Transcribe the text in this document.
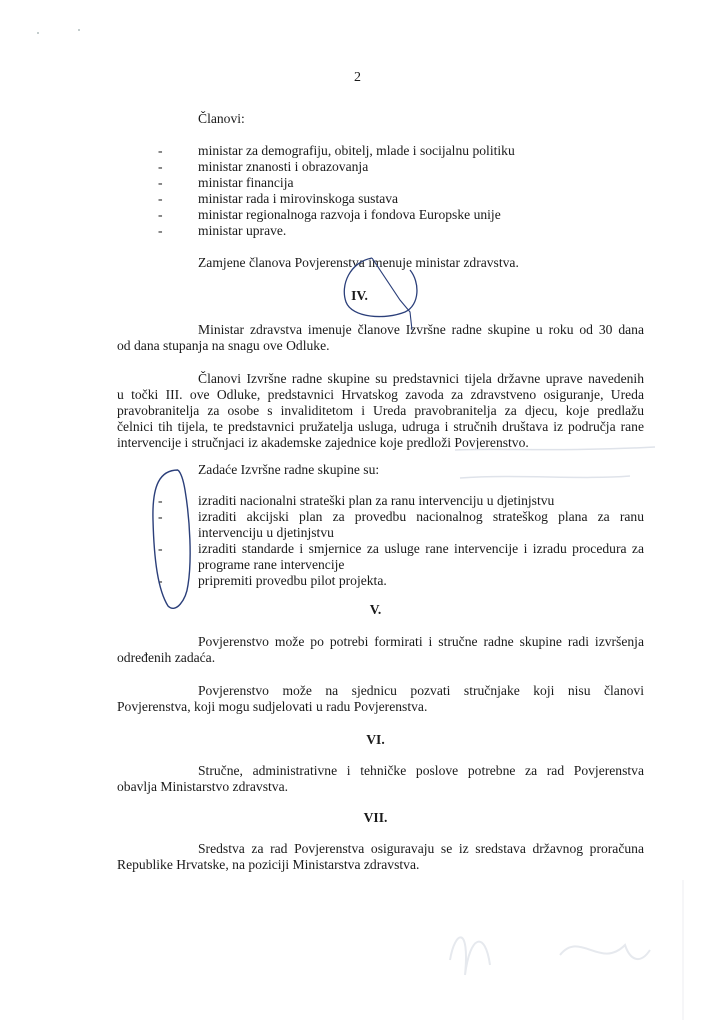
2
Članovi:
-	ministar za demografiju, obitelj, mlade i socijalnu politiku
-	ministar znanosti i obrazovanja
-	ministar financija
-	ministar rada i mirovinskoga sustava
-	ministar regionalnoga razvoja i fondova Europske unije
-	ministar uprave.
Zamjene članova Povjerenstva imenuje ministar zdravstva.
IV.
Ministar zdravstva imenuje članove Izvršne radne skupine u roku od 30 dana
od dana stupanja na snagu ove Odluke.
Članovi Izvršne radne skupine su predstavnici tijela državne uprave navedenih
u točki III. ove Odluke, predstavnici Hrvatskog zavoda za zdravstveno osiguranje, Ureda
pravobranitelja za osobe s invaliditetom i Ureda pravobranitelja za djecu, koje predlažu
čelnici tih tijela, te predstavnici pružatelja usluga, udruga i stručnih društava iz područja rane
intervencije i stručnjaci iz akademske zajednice koje predloži Povjerenstvo.
Zadaće Izvršne radne skupine su:
-	izraditi nacionalni strateški plan za ranu intervenciju u djetinjstvu
-	izraditi akcijski plan za provedbu nacionalnog strateškog plana za ranu
intervenciju u djetinjstvu
-	izraditi standarde i smjernice za usluge rane intervencije i izradu procedura za
programe rane intervencije
-	pripremiti provedbu pilot projekta.
V.
Povjerenstvo može po potrebi formirati i stručne radne skupine radi izvršenja
određenih zadaća.
Povjerenstvo može na sjednicu pozvati stručnjake koji nisu članovi
Povjerenstva, koji mogu sudjelovati u radu Povjerenstva.
VI.
Stručne, administrativne i tehničke poslove potrebne za rad Povjerenstva
obavlja Ministarstvo zdravstva.
VII.
Sredstva za rad Povjerenstva osiguravaju se iz sredstava državnog proračuna
Republike Hrvatske, na poziciji Ministarstva zdravstva.
